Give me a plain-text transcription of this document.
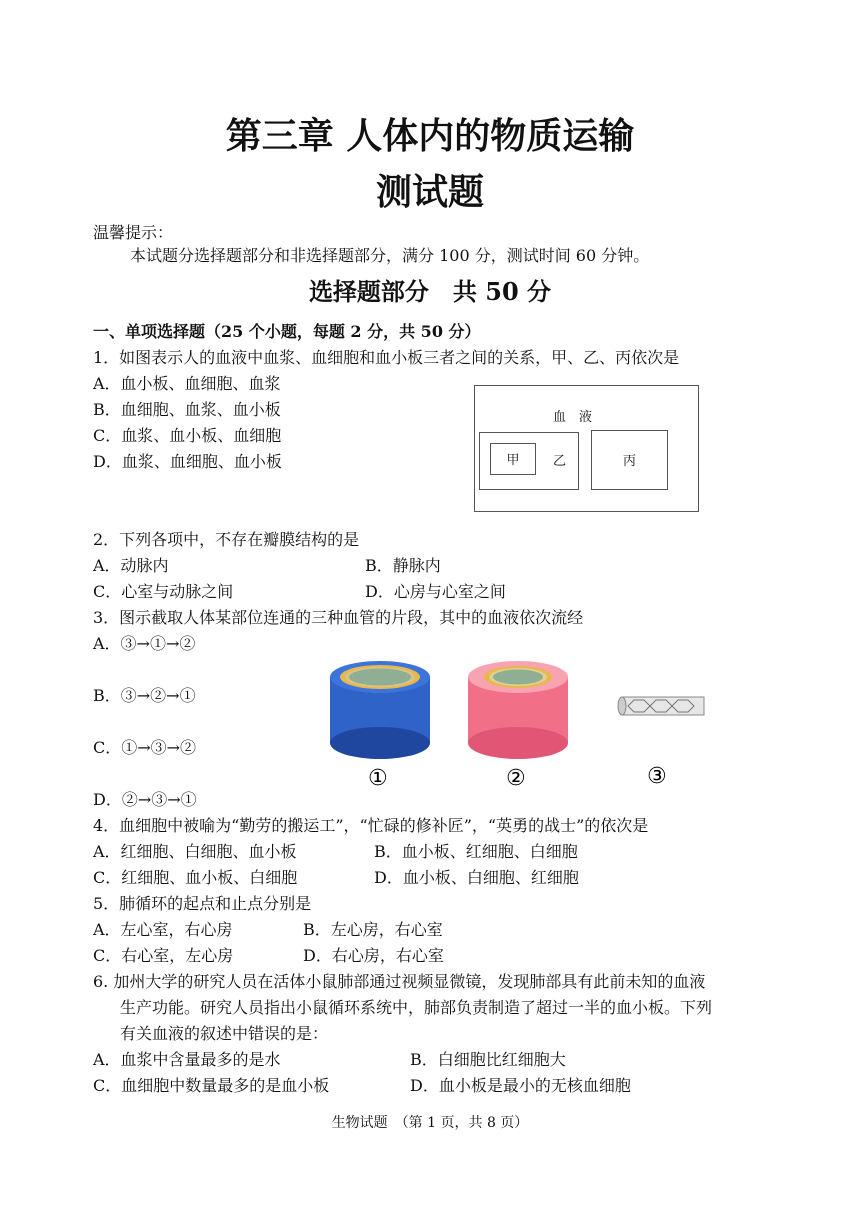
第三章 人体内的物质运输
测试题
温馨提示：
本试题分选择题部分和非选择题部分，满分 100 分，测试时间 60 分钟。
选择题部分　共 50 分
一、单项选择题（25 个小题，每题 2 分，共 50 分）
1．如图表示人的血液中血浆、血细胞和血小板三者之间的关系，甲、乙、丙依次是
A．血小板、血细胞、血浆
B．血细胞、血浆、血小板
C．血浆、血小板、血细胞
D．血浆、血细胞、血小板
血　液
甲	乙	丙
2．下列各项中，不存在瓣膜结构的是
A．动脉内	B．静脉内
C．心室与动脉之间	D．心房与心室之间
3．图示截取人体某部位连通的三种血管的片段，其中的血液依次流经
A．③→①→②
B．③→②→①
C．①→③→②
D．②→③→①
①	②	③
4．血细胞中被喻为“勤劳的搬运工”，“忙碌的修补匠”，“英勇的战士”的依次是
A．红细胞、白细胞、血小板	B．血小板、红细胞、白细胞
C．红细胞、血小板、白细胞	D．血小板、白细胞、红细胞
5．肺循环的起点和止点分别是
A．左心室，右心房	B．左心房，右心室
C．右心室，左心房	D．右心房，右心室
6. 加州大学的研究人员在活体小鼠肺部通过视频显微镜，发现肺部具有此前未知的血液
生产功能。研究人员指出小鼠循环系统中，肺部负责制造了超过一半的血小板。下列
有关血液的叙述中错误的是：
A．血浆中含量最多的是水	B．白细胞比红细胞大
C．血细胞中数量最多的是血小板	D．血小板是最小的无核血细胞
生物试题　（第 1 页，共 8 页）
